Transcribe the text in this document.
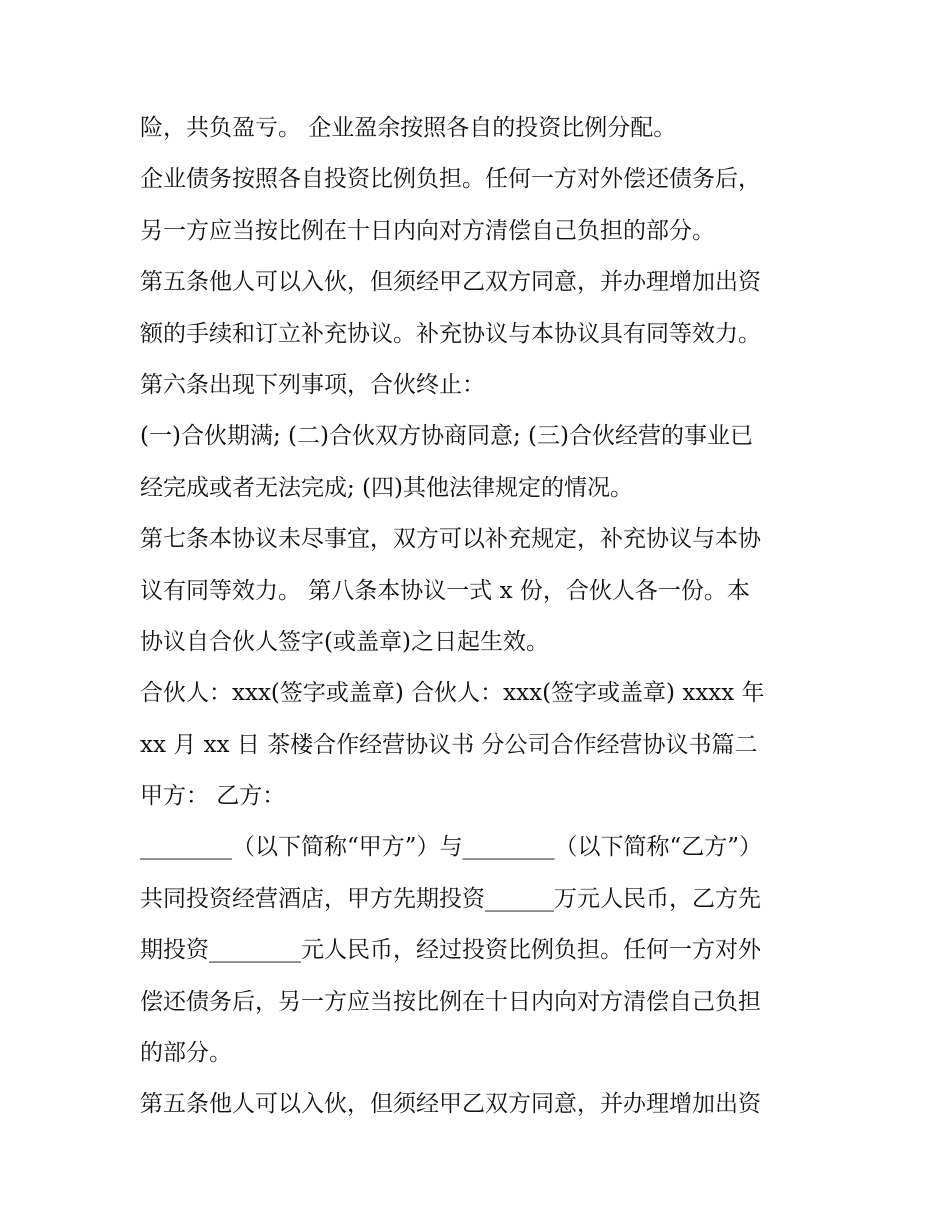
险，共负盈亏。 企业盈余按照各自的投资比例分配。
企业债务按照各自投资比例负担。任何一方对外偿还债务后，
另一方应当按比例在十日内向对方清偿自己负担的部分。
第五条他人可以入伙，但须经甲乙双方同意，并办理增加出资
额的手续和订立补充协议。补充协议与本协议具有同等效力。
第六条出现下列事项，合伙终止：
(一)合伙期满; (二)合伙双方协商同意; (三)合伙经营的事业已
经完成或者无法完成; (四)其他法律规定的情况。
第七条本协议未尽事宜，双方可以补充规定，补充协议与本协
议有同等效力。 第八条本协议一式 x 份，合伙人各一份。本
协议自合伙人签字(或盖章)之日起生效。
合伙人：xxx(签字或盖章) 合伙人：xxx(签字或盖章) xxxx 年
xx 月 xx 日 茶楼合作经营协议书 分公司合作经营协议书篇二
甲方： 乙方：
________（以下简称“甲方”）与________（以下简称“乙方”）
共同投资经营酒店，甲方先期投资______万元人民币，乙方先
期投资________元人民币，经过投资比例负担。任何一方对外
偿还债务后，另一方应当按比例在十日内向对方清偿自己负担
的部分。
第五条他人可以入伙，但须经甲乙双方同意，并办理增加出资
